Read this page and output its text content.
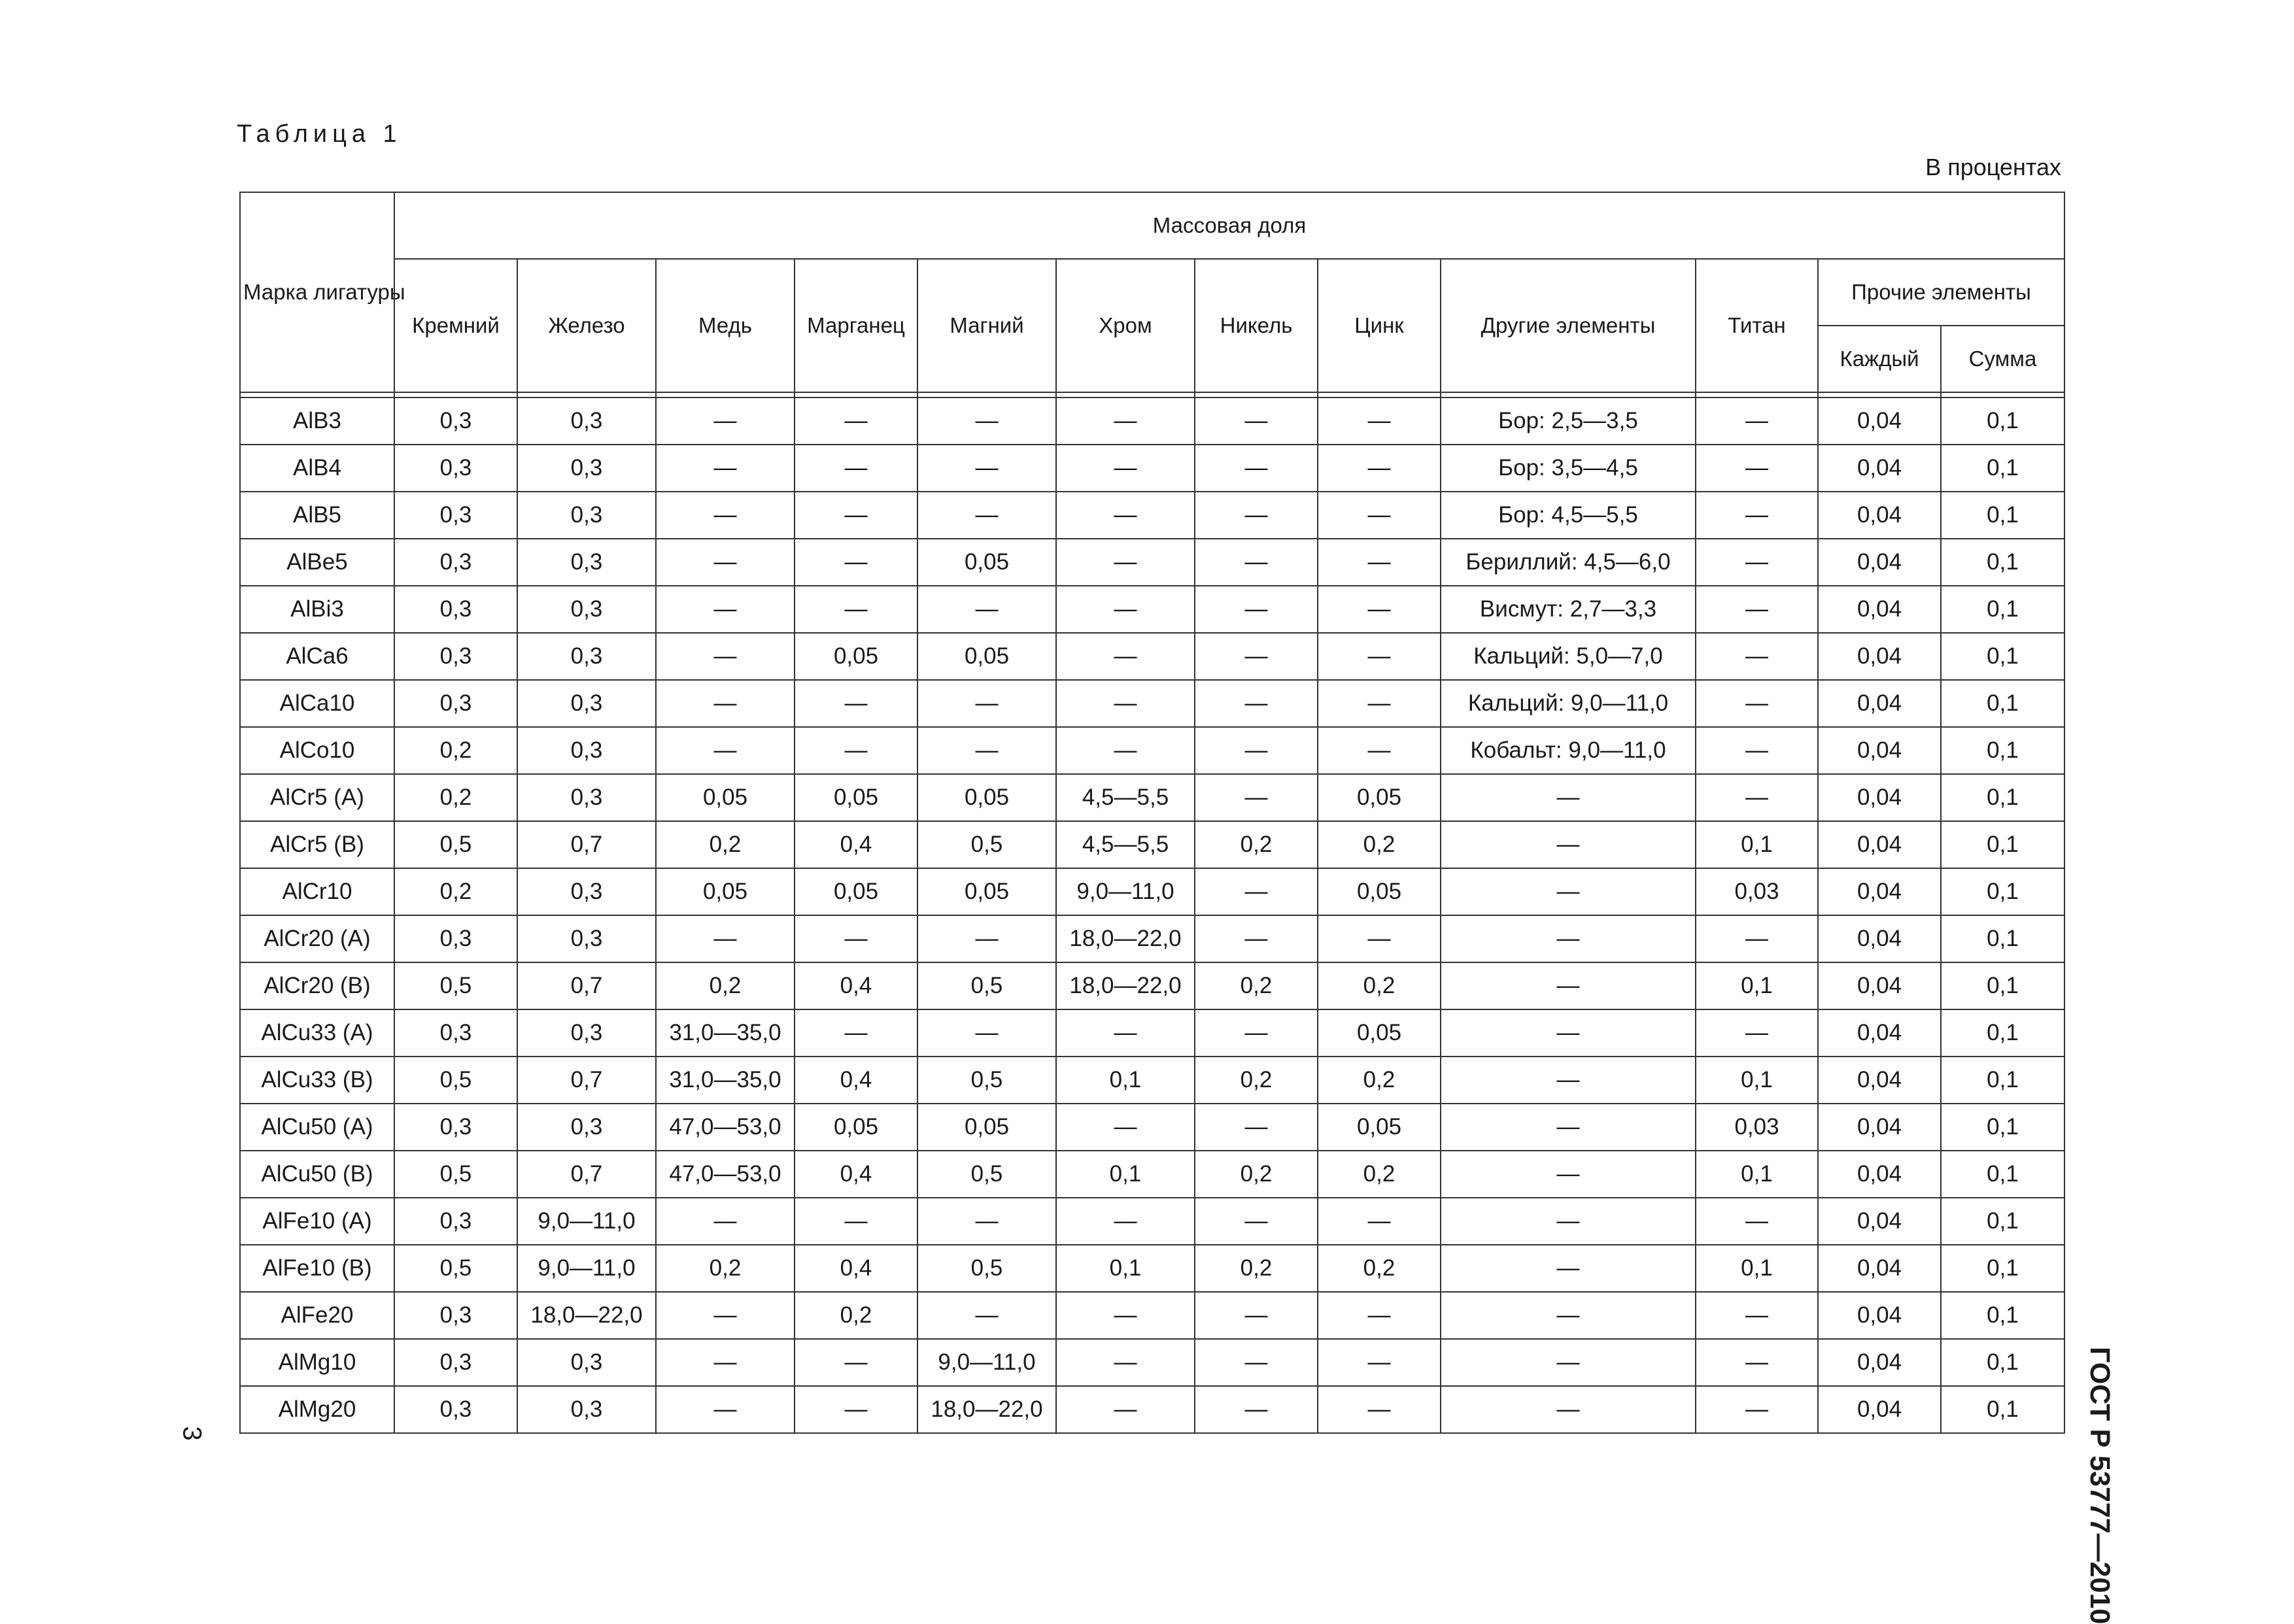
Таблица 1
В процентах
Марка лигатуры	Массовая доля											
	Кремний	Железо	Медь	Марганец	Магний	Хром	Никель	Цинк	Другие элементы	Титан	Прочие элементы	
											Каждый	Сумма

AlB3	0,3	0,3	—	—	—	—	—	—	Бор: 2,5—3,5	—	0,04	0,1
AlB4	0,3	0,3	—	—	—	—	—	—	Бор: 3,5—4,5	—	0,04	0,1
AlB5	0,3	0,3	—	—	—	—	—	—	Бор: 4,5—5,5	—	0,04	0,1
AlBe5	0,3	0,3	—	—	0,05	—	—	—	Бериллий: 4,5—6,0	—	0,04	0,1
AlBi3	0,3	0,3	—	—	—	—	—	—	Висмут: 2,7—3,3	—	0,04	0,1
AlCa6	0,3	0,3	—	0,05	0,05	—	—	—	Кальций: 5,0—7,0	—	0,04	0,1
AlCa10	0,3	0,3	—	—	—	—	—	—	Кальций: 9,0—11,0	—	0,04	0,1
AlCo10	0,2	0,3	—	—	—	—	—	—	Кобальт: 9,0—11,0	—	0,04	0,1
AlCr5 (A)	0,2	0,3	0,05	0,05	0,05	4,5—5,5	—	0,05	—	—	0,04	0,1
AlCr5 (B)	0,5	0,7	0,2	0,4	0,5	4,5—5,5	0,2	0,2	—	0,1	0,04	0,1
AlCr10	0,2	0,3	0,05	0,05	0,05	9,0—11,0	—	0,05	—	0,03	0,04	0,1
AlCr20 (A)	0,3	0,3	—	—	—	18,0—22,0	—	—	—	—	0,04	0,1
AlCr20 (B)	0,5	0,7	0,2	0,4	0,5	18,0—22,0	0,2	0,2	—	0,1	0,04	0,1
AlCu33 (A)	0,3	0,3	31,0—35,0	—	—	—	—	0,05	—	—	0,04	0,1
AlCu33 (B)	0,5	0,7	31,0—35,0	0,4	0,5	0,1	0,2	0,2	—	0,1	0,04	0,1
AlCu50 (A)	0,3	0,3	47,0—53,0	0,05	0,05	—	—	0,05	—	0,03	0,04	0,1
AlCu50 (B)	0,5	0,7	47,0—53,0	0,4	0,5	0,1	0,2	0,2	—	0,1	0,04	0,1
AlFe10 (A)	0,3	9,0—11,0	—	—	—	—	—	—	—	—	0,04	0,1
AlFe10 (B)	0,5	9,0—11,0	0,2	0,4	0,5	0,1	0,2	0,2	—	0,1	0,04	0,1
AlFe20	0,3	18,0—22,0	—	0,2	—	—	—	—	—	—	0,04	0,1
AlMg10	0,3	0,3	—	—	9,0—11,0	—	—	—	—	—	0,04	0,1
AlMg20	0,3	0,3	—	—	18,0—22,0	—	—	—	—	—	0,04	0,1
3	ГОСТ Р 53777—2010
